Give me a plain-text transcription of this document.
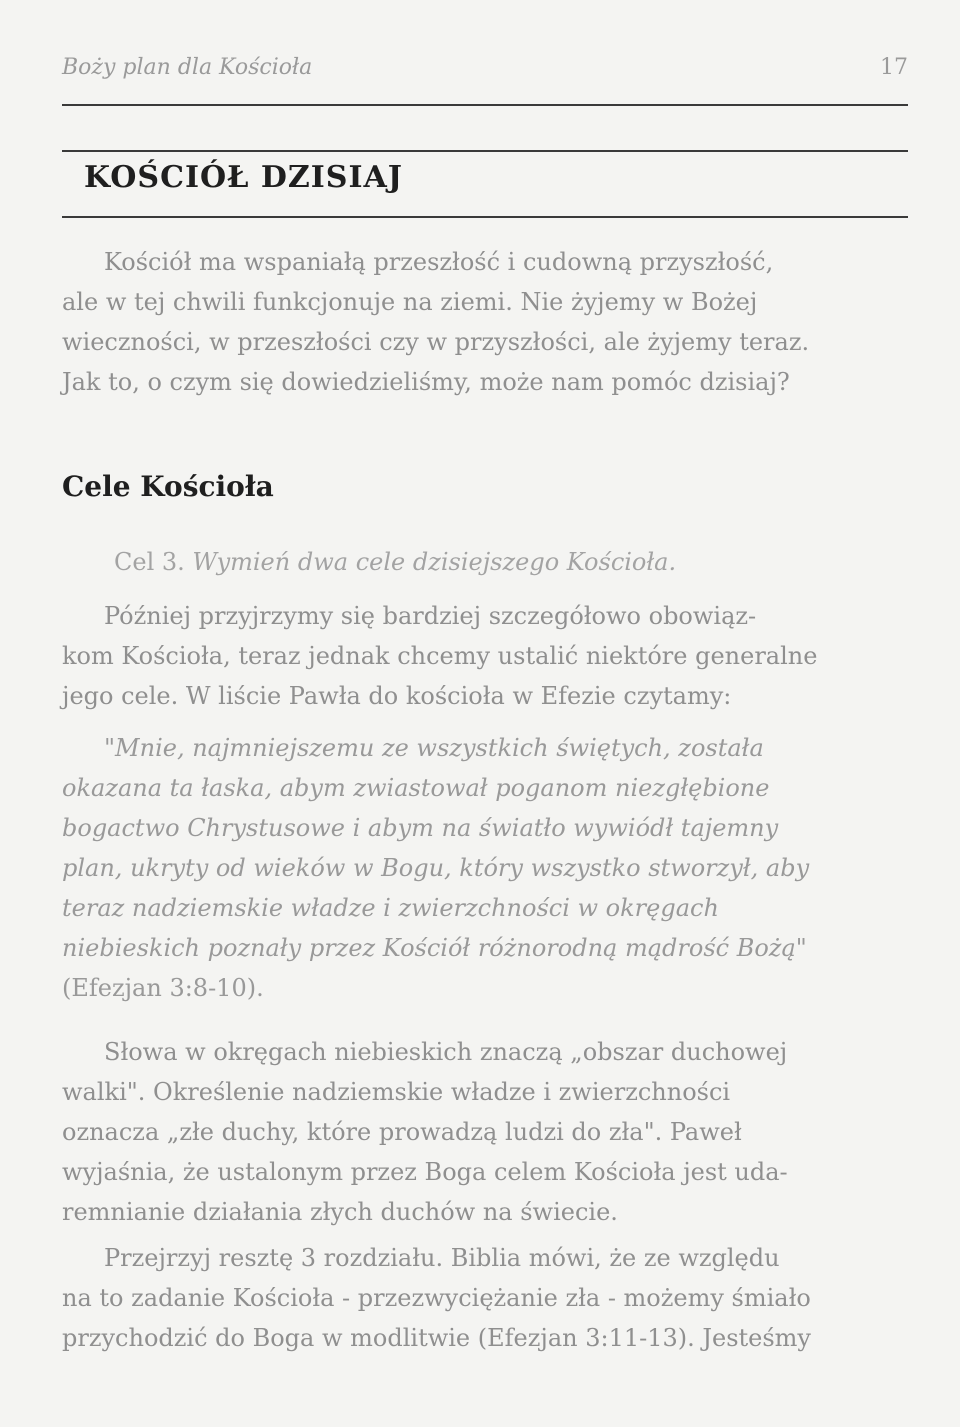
Boży plan dla Kościoła	17
KOŚCIÓŁ DZISIAJ

Kościół ma wspaniałą przeszłość i cudowną przyszłość,
ale w tej chwili funkcjonuje na ziemi. Nie żyjemy w Bożej
wieczności, w przeszłości czy w przyszłości, ale żyjemy teraz.
Jak to, o czym się dowiedzieliśmy, może nam pomóc dzisiaj?

Cele Kościoła
Cel 3. Wymień dwa cele dzisiejszego Kościoła.

Później przyjrzymy się bardziej szczegółowo obowiąz-
kom Kościoła, teraz jednak chcemy ustalić niektóre generalne
jego cele. W liście Pawła do kościoła w Efezie czytamy:

"Mnie, najmniejszemu ze wszystkich świętych, została
okazana ta łaska, abym zwiastował poganom niezgłębione
bogactwo Chrystusowe i abym na światło wywiódł tajemny
plan, ukryty od wieków w Bogu, który wszystko stworzył, aby
teraz nadziemskie władze i zwierzchności w okręgach
niebieskich poznały przez Kościół różnorodną mądrość Bożą"
(Efezjan 3:8-10).

Słowa w okręgach niebieskich znaczą „obszar duchowej
walki". Określenie nadziemskie władze i zwierzchności
oznacza „złe duchy, które prowadzą ludzi do zła". Paweł
wyjaśnia, że ustalonym przez Boga celem Kościoła jest uda-
remnianie działania złych duchów na świecie.

Przejrzyj resztę 3 rozdziału. Biblia mówi, że ze względu
na to zadanie Kościoła - przezwyciężanie zła - możemy śmiało
przychodzić do Boga w modlitwie (Efezjan 3:11-13). Jesteśmy
